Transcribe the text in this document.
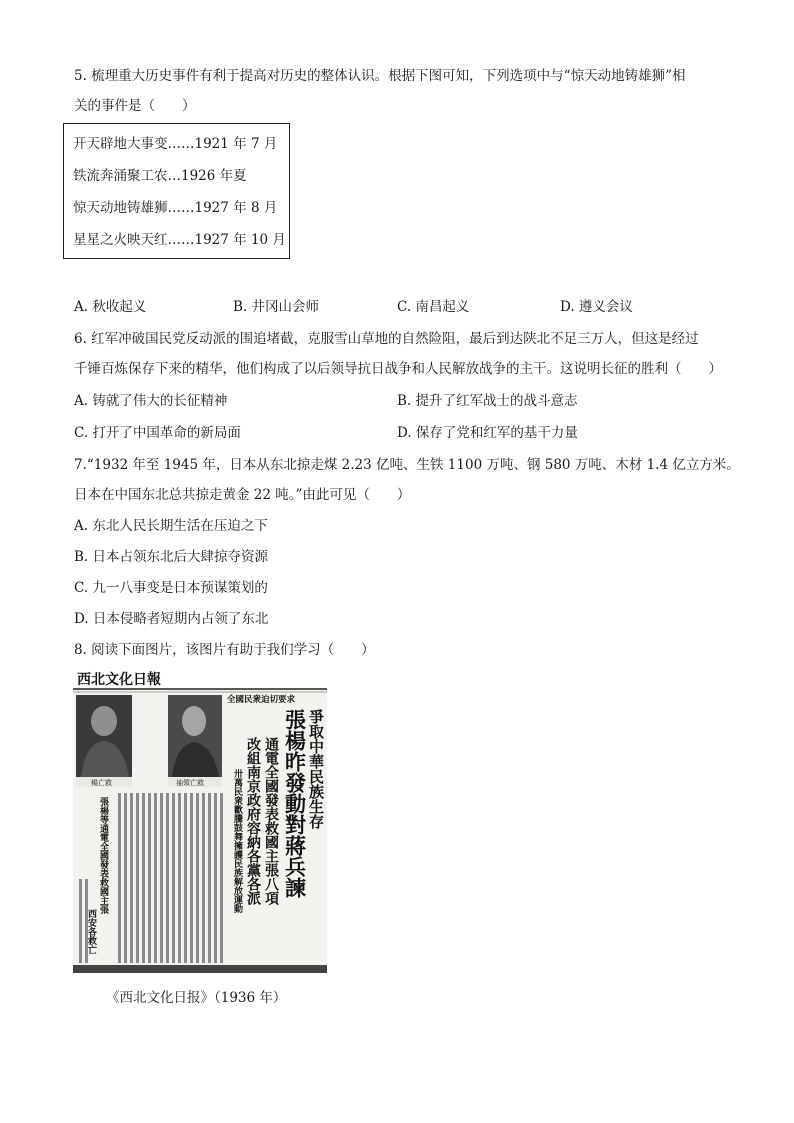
5. 梳理重大历史事件有利于提高对历史的整体认识。根据下图可知，下列选项中与“惊天动地铸雄狮”相
关的事件是（　　）
开天辟地大事变……1921 年 7 月
铁流奔涌聚工农…1926 年夏
惊天动地铸雄狮……1927 年 8 月
星星之火映天红……1927 年 10 月
A. 秋收起义	B. 井冈山会师	C. 南昌起义	D. 遵义会议
6. 红军冲破国民党反动派的围追堵截，克服雪山草地的自然险阻，最后到达陕北不足三万人，但这是经过
千锤百炼保存下来的精华，他们构成了以后领导抗日战争和人民解放战争的主干。这说明长征的胜利（　　）
A. 铸就了伟大的长征精神	B. 提升了红军战士的战斗意志
C. 打开了中国革命的新局面	D. 保存了党和红军的基干力量
7.“1932 年至 1945 年，日本从东北掠走煤 2.23 亿吨、生铁 1100 万吨、钢 580 万吨、木材 1.4 亿立方米。
日本在中国东北总共掠走黄金 22 吨。”由此可见（　　）
A. 东北人民长期生活在压迫之下
B. 日本占领东北后大肆掠夺资源
C. 九一八事变是日本预谋策划的
D. 日本侵略者短期内占领了东北
8. 阅读下面图片，该图片有助于我们学习（　　）
西北文化日報
全國民衆迫切要求
楊亡救	袖領亡救	爭取中華民族生存
張楊昨發動對蔣兵諫
通電全國發表救國主張八項
改組南京政府容納各黨各派
卅萬民衆歡騰鼓舞擁護民族解放運動
張楊等通電全國發表救國主張
西安各救亡
《西北文化日报》（1936 年）
